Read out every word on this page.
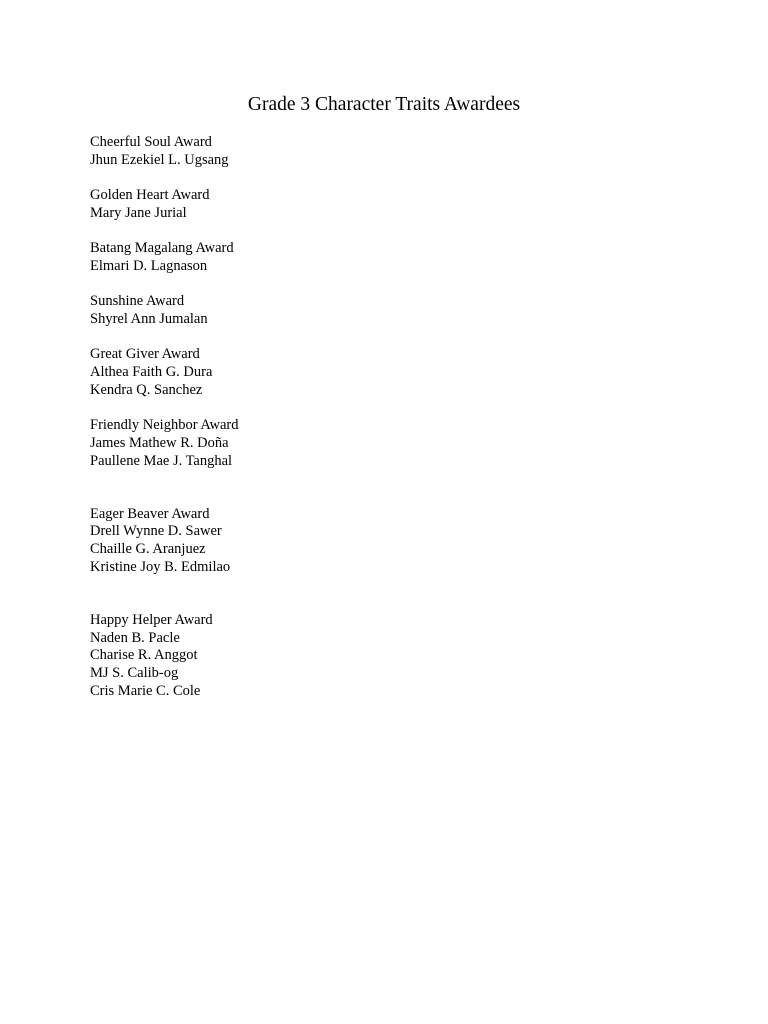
Grade 3 Character Traits Awardees
Cheerful Soul Award
Jhun Ezekiel L. Ugsang
Golden Heart Award
Mary Jane Jurial
Batang Magalang Award
Elmari D. Lagnason
Sunshine Award
Shyrel Ann Jumalan
Great Giver Award
Althea Faith G. Dura
Kendra Q. Sanchez
Friendly Neighbor Award
James Mathew R. Doña
Paullene Mae J. Tanghal
Eager Beaver Award
Drell Wynne D. Sawer
Chaille G. Aranjuez
Kristine Joy B. Edmilao
Happy Helper Award
Naden B. Pacle
Charise R. Anggot
MJ S. Calib-og
Cris Marie C. Cole
